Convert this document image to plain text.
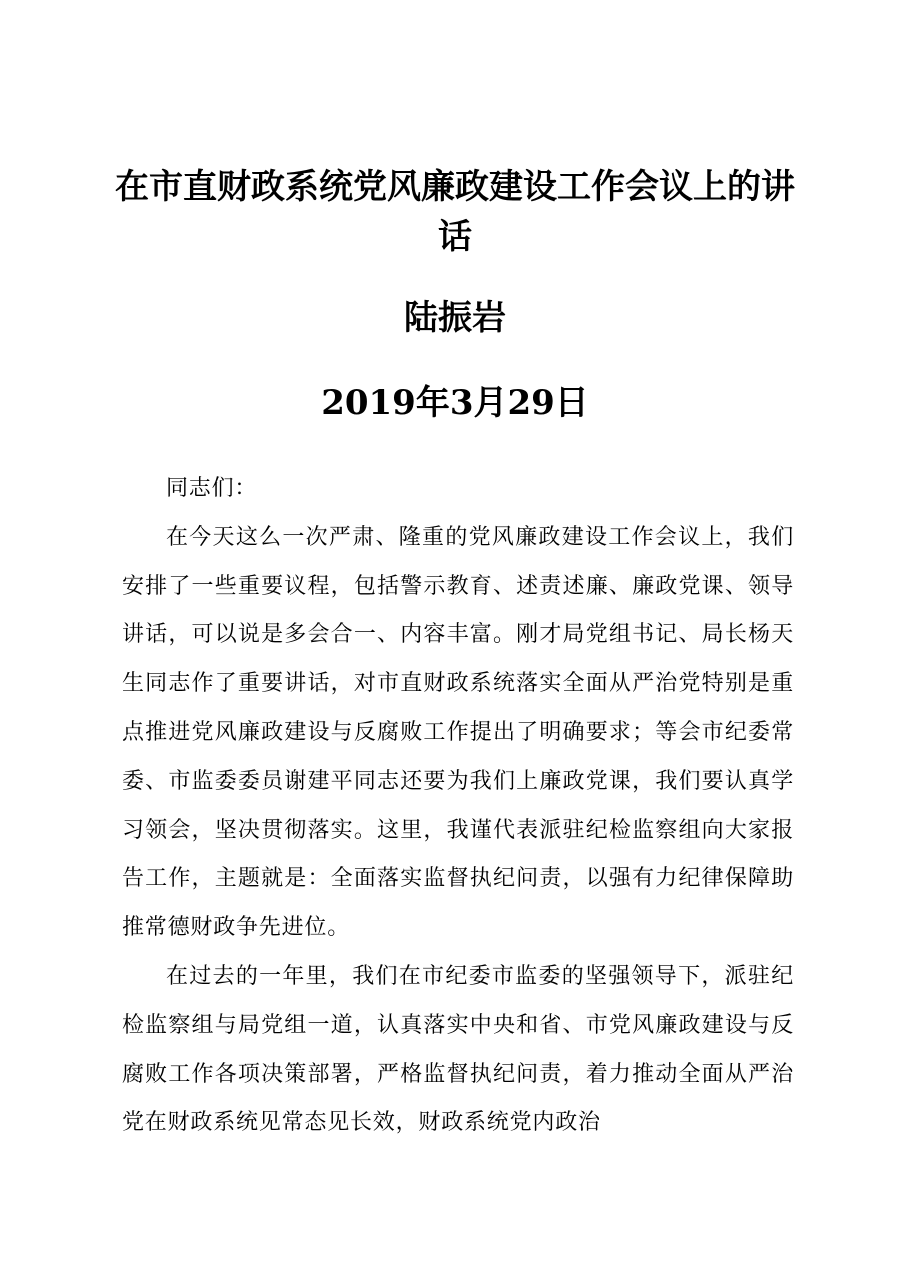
在市直财政系统党风廉政建设工作会议上的讲话
陆振岩
2019年3月29日

同志们：

在今天这么一次严肃、隆重的党风廉政建设工作会议上，我们安排了一些重要议程，包括警示教育、述责述廉、廉政党课、领导讲话，可以说是多会合一、内容丰富。刚才局党组书记、局长杨天生同志作了重要讲话，对市直财政系统落实全面从严治党特别是重点推进党风廉政建设与反腐败工作提出了明确要求；等会市纪委常委、市监委委员谢建平同志还要为我们上廉政党课，我们要认真学习领会，坚决贯彻落实。这里，我谨代表派驻纪检监察组向大家报告工作，主题就是：全面落实监督执纪问责，以强有力纪律保障助推常德财政争先进位。

在过去的一年里，我们在市纪委市监委的坚强领导下，派驻纪检监察组与局党组一道，认真落实中央和省、市党风廉政建设与反腐败工作各项决策部署，严格监督执纪问责，着力推动全面从严治党在财政系统见常态见长效，财政系统党内政治
